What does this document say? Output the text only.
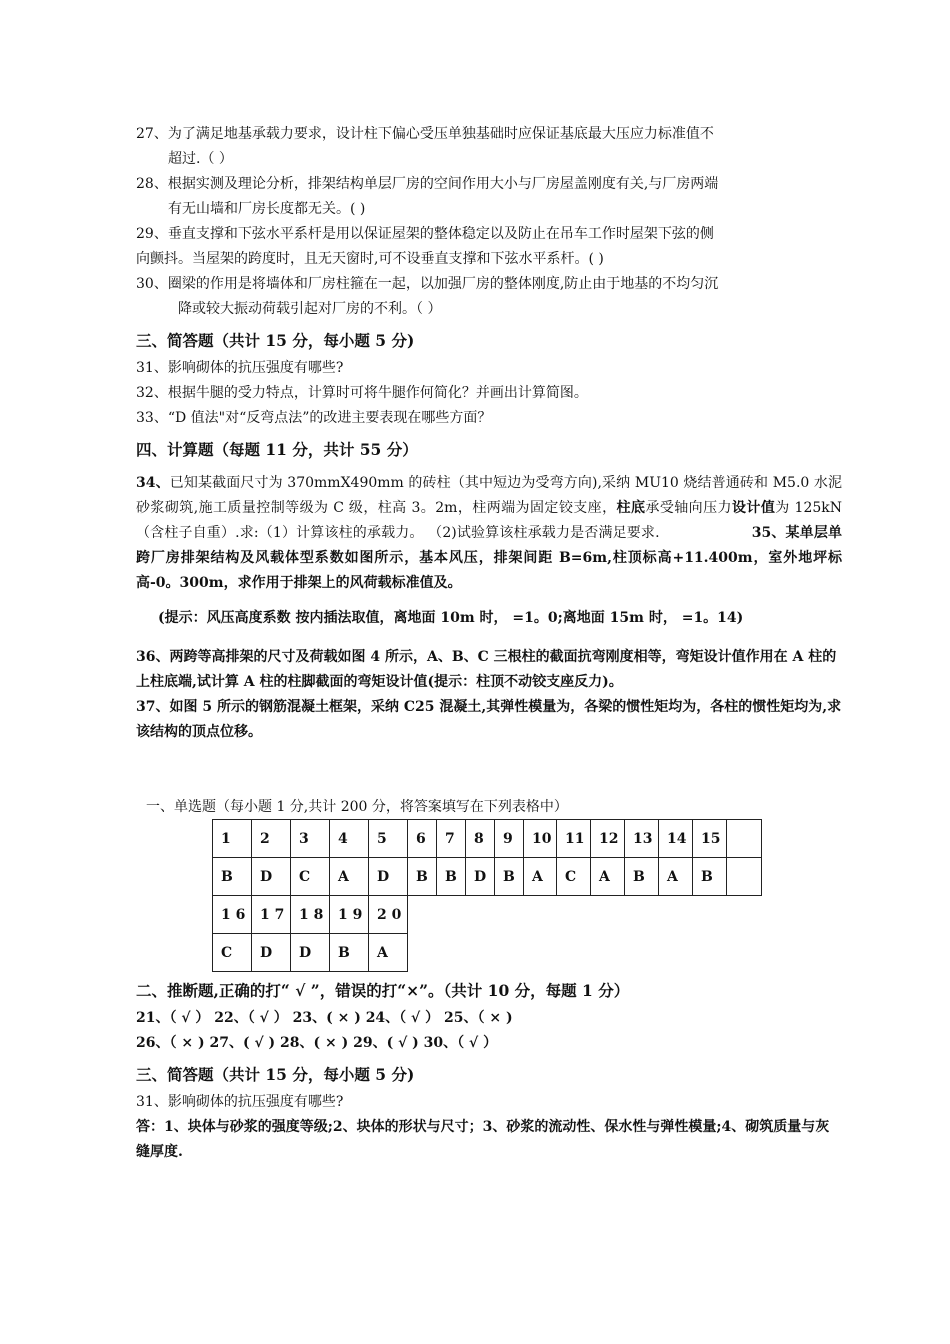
27、为了满足地基承载力要求，设计柱下偏心受压单独基础时应保证基底最大压应力标准值不
超过.（ ）

28、根据实测及理论分析，排架结构单层厂房的空间作用大小与厂房屋盖刚度有关,与厂房两端
有无山墙和厂房长度都无关。( )

29、垂直支撑和下弦水平系杆是用以保证屋架的整体稳定以及防止在吊车工作时屋架下弦的侧
向颤抖。当屋架的跨度时，且无天窗时,可不设垂直支撑和下弦水平系杆。( )

30、圈梁的作用是将墙体和厂房柱箍在一起，以加强厂房的整体刚度,防止由于地基的不均匀沉
降或较大振动荷载引起对厂房的不利。（ ）

三、简答题（共计 15 分，每小题 5 分)

31、影响砌体的抗压强度有哪些?

32、根据牛腿的受力特点，计算时可将牛腿作何简化？并画出计算简图。

33、“D 值法"对“反弯点法”的改进主要表现在哪些方面？

四、计算题（每题 11 分，共计 55 分）

34、已知某截面尺寸为 370mmX490mm 的砖柱（其中短边为受弯方向),采纳 MU10 烧结普通砖和 M5.0 水泥砂浆砌筑,施工质量控制等级为 C 级，柱高 3。2m，柱两端为固定铰支座，柱底承受轴向压力设计值为 125kN（含柱子自重）.求:（1）计算该柱的承载力。 （2)试验算该柱承载力是否满足要求.	35、某单层单跨厂房排架结构及风载体型系数如图所示，基本风压，排架间距 B=6m,柱顶标高+11.400m，室外地坪标高-0。300m，求作用于排架上的风荷载标准值及。

(提示：风压高度系数 按内插法取值，离地面 10m 时， =1。0;离地面 15m 时， =1。14)

36、两跨等高排架的尺寸及荷载如图 4 所示，A、B、C 三根柱的截面抗弯刚度相等，弯矩设计值作用在 A 柱的上柱底端,试计算 A 柱的柱脚截面的弯矩设计值(提示：柱顶不动铰支座反力)。

37、如图 5 所示的钢筋混凝土框架，采纳 C25 混凝土,其弹性模量为，各梁的惯性矩均为，各柱的惯性矩均为,求该结构的顶点位移。

一、单选题（每小题 1 分,共计 200 分，将答案填写在下列表格中）

1	2	3	4	5	6	7	8	9	10	11	12	13	14	15	
B	D	C	A	D	B	B	D	B	A	C	A	B	A	B	
1 6	1 7	1 8	1 9	2 0											
C	D	D	B	A											
二、推断题,正确的打“ √ ”，错误的打“×”。（共计 10 分，每题 1 分）

21、（ √ ） 22、（ √ ） 23、( × ) 24、（ √ ） 25、（ × )

26、（ × ) 27、( √ ) 28、( × ) 29、( √ ) 30、（ √ ）

三、简答题（共计 15 分，每小题 5 分)

31、影响砌体的抗压强度有哪些?

答：1、块体与砂浆的强度等级;2、块体的形状与尺寸；3、砂浆的流动性、保水性与弹性模量;4、砌筑质量与灰缝厚度.
